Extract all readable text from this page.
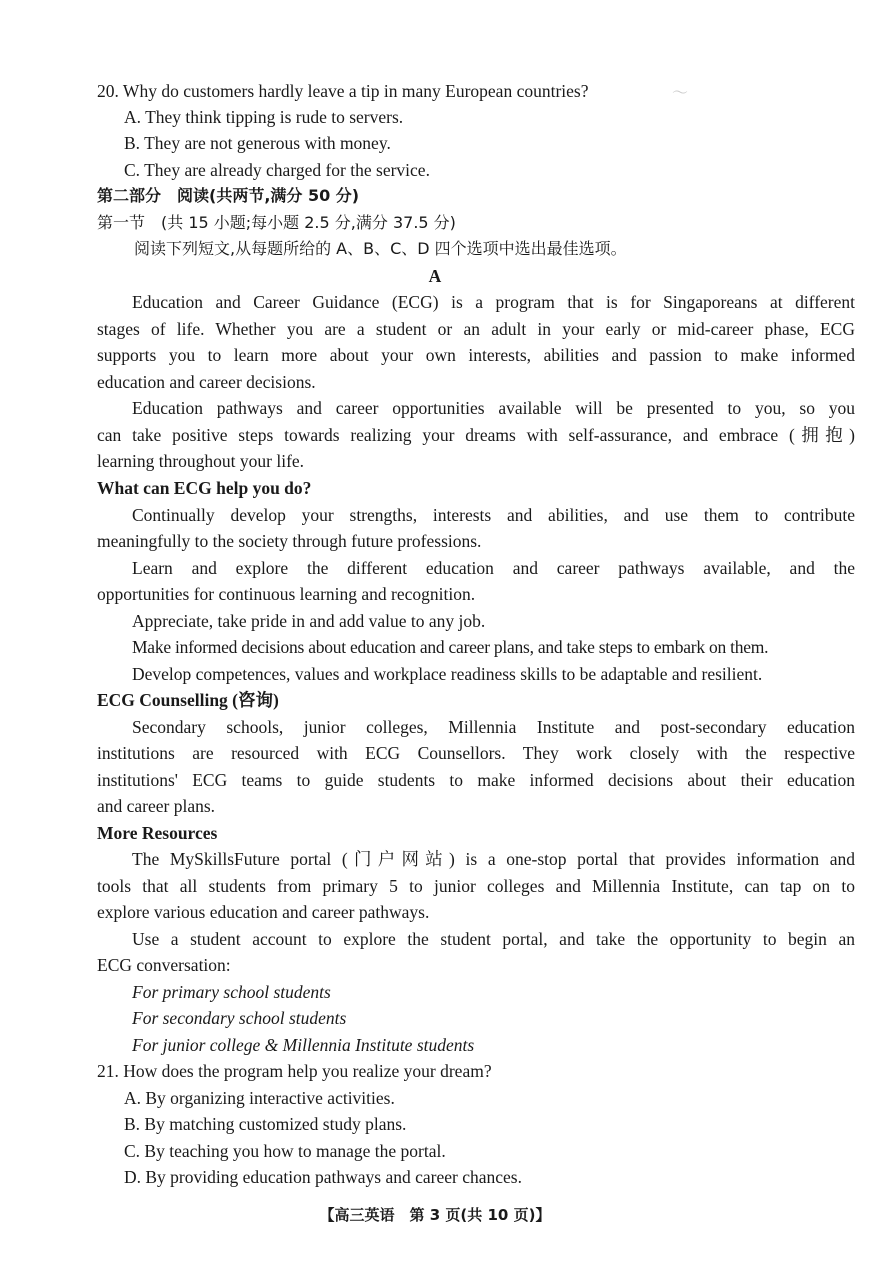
〜
20. Why do customers hardly leave a tip in many European countries?
A. They think tipping is rude to servers.
B. They are not generous with money.
C. They are already charged for the service.
第二部分　阅读(共两节,满分 50 分)
第一节　(共 15 小题;每小题 2.5 分,满分 37.5 分)
阅读下列短文,从每题所给的 A、B、C、D 四个选项中选出最佳选项。
A
Education and Career Guidance (ECG) is a program that is for Singaporeans at different
stages of life. Whether you are a student or an adult in your early or mid-career phase, ECG
supports you to learn more about your own interests, abilities and passion to make informed
education and career decisions.
Education pathways and career opportunities available will be presented to you, so you
can take positive steps towards realizing your dreams with self-assurance, and embrace (拥抱)
learning throughout your life.
What can ECG help you do?
Continually develop your strengths, interests and abilities, and use them to contribute
meaningfully to the society through future professions.
Learn and explore the different education and career pathways available, and the
opportunities for continuous learning and recognition.
Appreciate, take pride in and add value to any job.
Make informed decisions about education and career plans, and take steps to embark on them.
Develop competences, values and workplace readiness skills to be adaptable and resilient.
ECG Counselling (咨询)
Secondary schools, junior colleges, Millennia Institute and post-secondary education
institutions are resourced with ECG Counsellors. They work closely with the respective
institutions' ECG teams to guide students to make informed decisions about their education
and career plans.
More Resources
The MySkillsFuture portal (门户网站) is a one-stop portal that provides information and
tools that all students from primary 5 to junior colleges and Millennia Institute, can tap on to
explore various education and career pathways.
Use a student account to explore the student portal, and take the opportunity to begin an
ECG conversation:
For primary school students
For secondary school students
For junior college & Millennia Institute students
21. How does the program help you realize your dream?
A. By organizing interactive activities.
B. By matching customized study plans.
C. By teaching you how to manage the portal.
D. By providing education pathways and career chances.
【高三英语　第 3 页(共 10 页)】
